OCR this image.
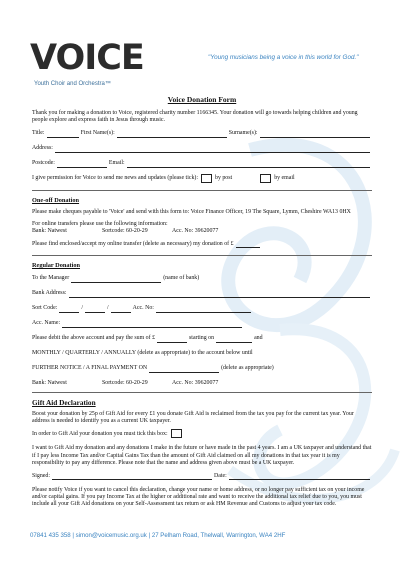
VOICE
Youth Choir and Orchestra™
"Young musicians being a voice in this world for God."
Voice Donation Form

Thank you for making a donation to Voice, registered charity number 1166345. Your donation will go towards helping children and young people explore and express faith in Jesus through music.

Title:	First Name(s):	Surname(s):
Address:
Postcode:	Email:
I give permission for Voice to send me news and updates (please tick):	by post	by email
One-off Donation

Please make cheques payable to 'Voice' and send with this form to: Voice Finance Officer, 19 The Square, Lymm, Cheshire WA13 0HX

For online transfers please use the following information:
Bank: Natwest	Sortcode: 60-20-29	Acc. No: 39620077
Please find enclosed/accept my online transfer (delete as necessary) my donation of £
Regular Donation
To the Manager	(name of bank)
Bank Address:
Sort Code:	/	/	Acc. No:
Acc. Name:
Please debit the above account and pay the sum of £	starting on	and
MONTHLY / QUARTERLY / ANNUALLY (delete as appropriate) to the account below until
FURTHER NOTICE / A FINAL PAYMENT ON	(delete as appropriate)
Bank: Natwest	Sortcode: 60-20-29	Acc. No: 39620077
Gift Aid Declaration

Boost your donation by 25p of Gift Aid for every £1 you donate Gift Aid is reclaimed from the tax you pay for the current tax year. Your address is needed to identify you as a current UK taxpayer.

In order to Gift Aid your donation you must tick this box:

I want to Gift Aid my donation and any donations I make in the future or have made in the past 4 years. I am a UK taxpayer and understand that if I pay less Income Tax and/or Capital Gains Tax than the amount of Gift Aid claimed on all my donations in that tax year it is my responsibility to pay any difference. Please note that the name and address given above must be a UK taxpayer.

Signed:	Date:

Please notify Voice if you want to cancel this declaration, change your name or home address, or no longer pay sufficient tax on your income and/or capital gains. If you pay Income Tax at the higher or additional rate and want to receive the additional tax relief due to you, you must include all your Gift Aid donations on your Self-Assessment tax return or ask HM Revenue and Customs to adjust your tax code.

07841 435 358 | simon@voicemusic.org.uk | 27 Pelham Road, Thelwall, Warrington, WA4 2HF
